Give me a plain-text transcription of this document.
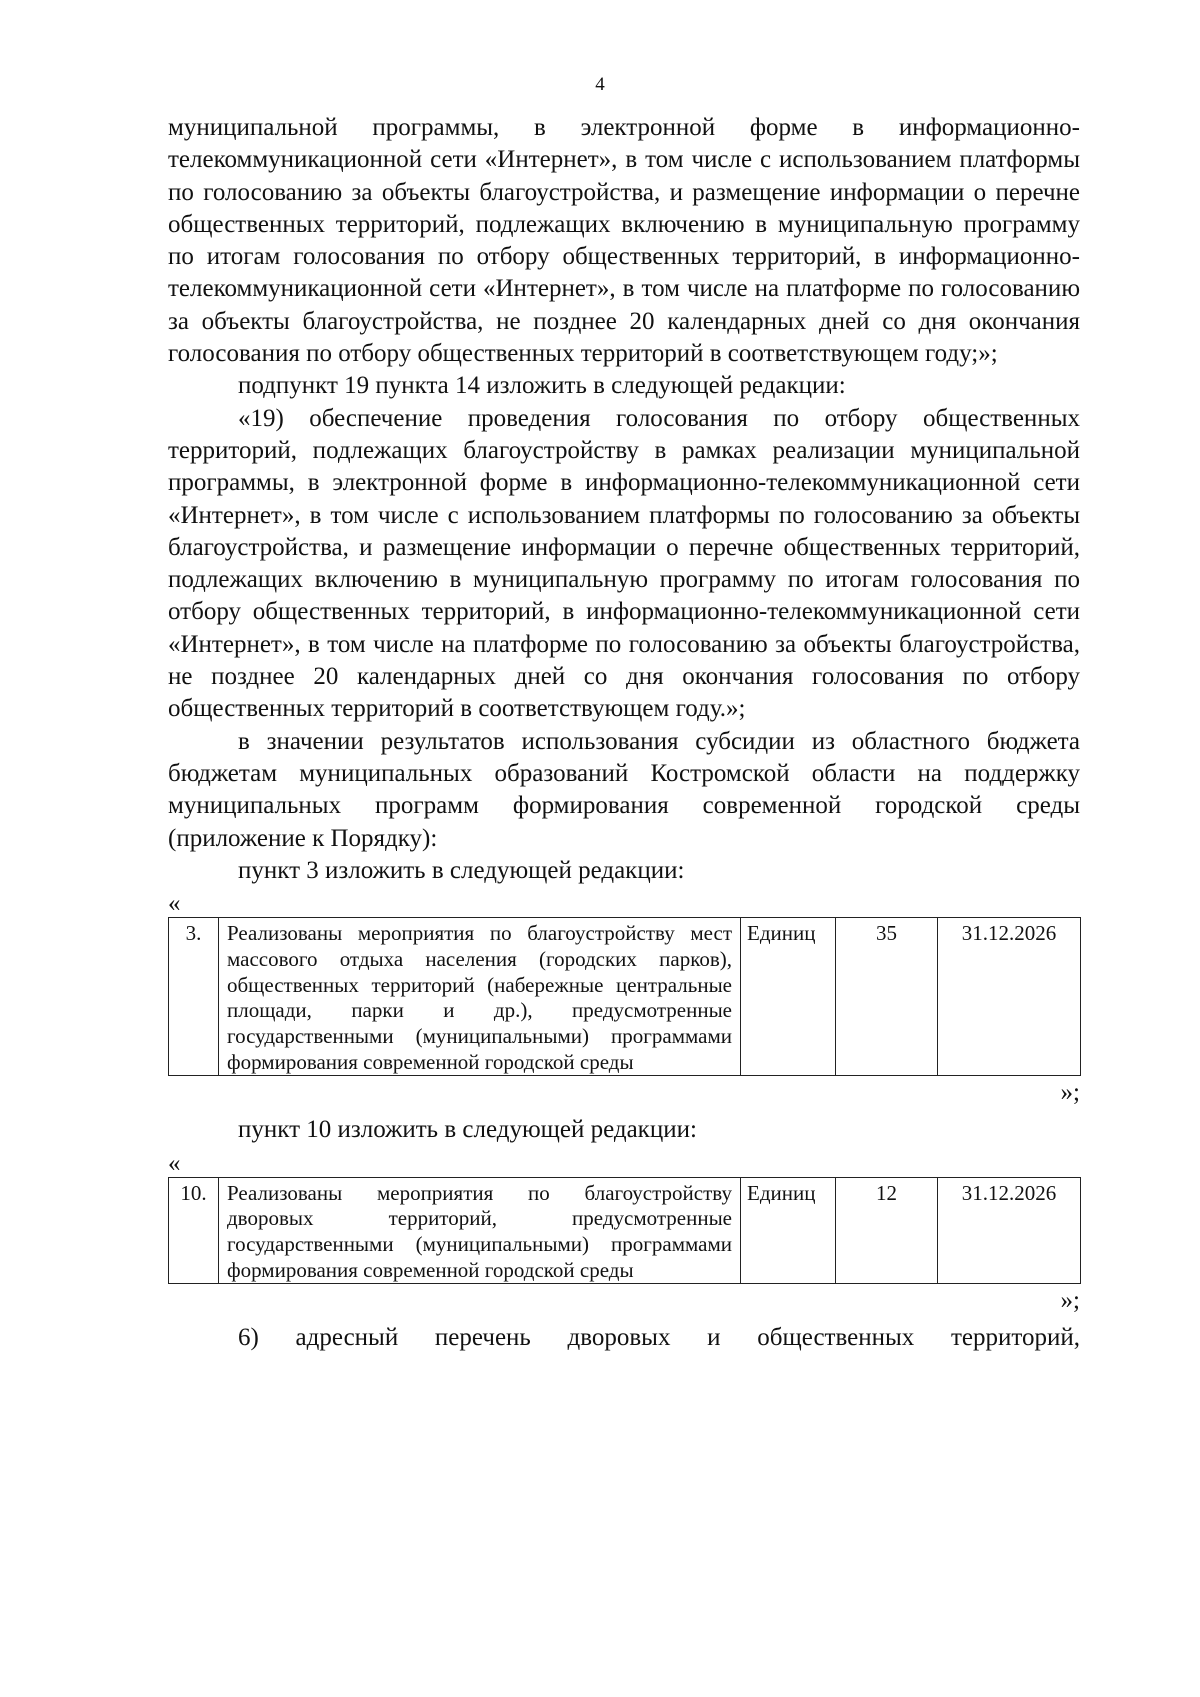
4

муниципальной программы, в электронной форме в информационно-телекоммуникационной сети «Интернет», в том числе с использованием платформы по голосованию за объекты благоустройства, и размещение информации о перечне общественных территорий, подлежащих включению в муниципальную программу по итогам голосования по отбору общественных территорий, в информационно-телекоммуникационной сети «Интернет», в том числе на платформе по голосованию за объекты благоустройства, не позднее 20 календарных дней со дня окончания голосования по отбору общественных территорий в соответствующем году;»;

подпункт 19 пункта 14 изложить в следующей редакции:

«19) обеспечение проведения голосования по отбору общественных территорий, подлежащих благоустройству в рамках реализации муниципальной программы, в электронной форме в информационно-телекоммуникационной сети «Интернет», в том числе с использованием платформы по голосованию за объекты благоустройства, и размещение информации о перечне общественных территорий, подлежащих включению в муниципальную программу по итогам голосования по отбору общественных территорий, в информационно-телекоммуникационной сети «Интернет», в том числе на платформе по голосованию за объекты благоустройства, не позднее 20 календарных дней со дня окончания голосования по отбору общественных территорий в соответствующем году.»;

в значении результатов использования субсидии из областного бюджета бюджетам муниципальных образований Костромской области на поддержку муниципальных программ формирования современной городской среды (приложение к Порядку):

пункт 3 изложить в следующей редакции:

«
3.	Реализованы мероприятия по благоустройству мест массового отдыха населения (городских парков), общественных территорий (набережные центральные площади, парки и др.), предусмотренные государственными (муниципальными) программами формирования современной городской среды	Единиц	35	31.12.2026
»;

пункт 10 изложить в следующей редакции:

«
10.	Реализованы мероприятия по благоустройству дворовых территорий, предусмотренные государственными (муниципальными) программами формирования современной городской среды	Единиц	12	31.12.2026
»;

6) адресный перечень дворовых и общественных территорий,
